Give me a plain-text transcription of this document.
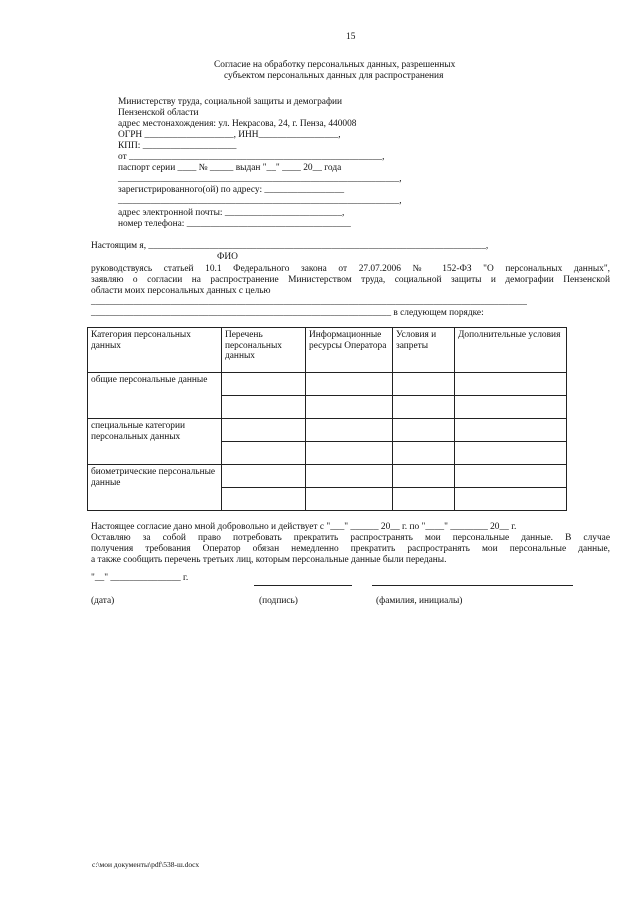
15
Согласие на обработку персональных данных, разрешенных
субъектом персональных данных для распространения
Министерству труда, социальной защиты и демографии
Пензенской области
адрес местонахождения: ул. Некрасова, 24, г. Пенза, 440008
ОГРН ___________________, ИНН_________________,
КПП: ____________________
от ______________________________________________________,
паспорт серии ____ № _____ выдан "__" ____ 20__ года
____________________________________________________________,
зарегистрированного(ой) по адресу: _________________
____________________________________________________________,
адрес электронной почты: _________________________,
номер телефона: ___________________________________
Настоящим я, ________________________________________________________________________,
ФИО
руководствуясь статьей 10.1 Федерального закона от 27.07.2006 № 152-ФЗ "О персональных данных",
заявляю о согласии на распространение Министерством труда, социальной защиты и демографии Пензенской
области моих персональных данных с целью
_____________________________________________________________________________________________
________________________________________________________________ в следующем порядке:
Категория персональных данных	Перечень персональных данных	Информационные ресурсы Оператора	Условия и запреты	Дополнительные условия
общие персональные данные				

специальные категории персональных данных				

биометрические персональные данные				

Настоящее согласие дано мной добровольно и действует с "___" ______ 20__ г. по "____" ________ 20__ г.
Оставляю за собой право потребовать прекратить распространять мои персональные данные. В случае
получения требования Оператор обязан немедленно прекратить распространять мои персональные данные,
а также сообщить перечень третьих лиц, которым персональные данные были переданы.
"__" _______________ г.
(дата)	(подпись)	(фамилия, инициалы)
c:\мои документы\pdf\538-ш.docx
